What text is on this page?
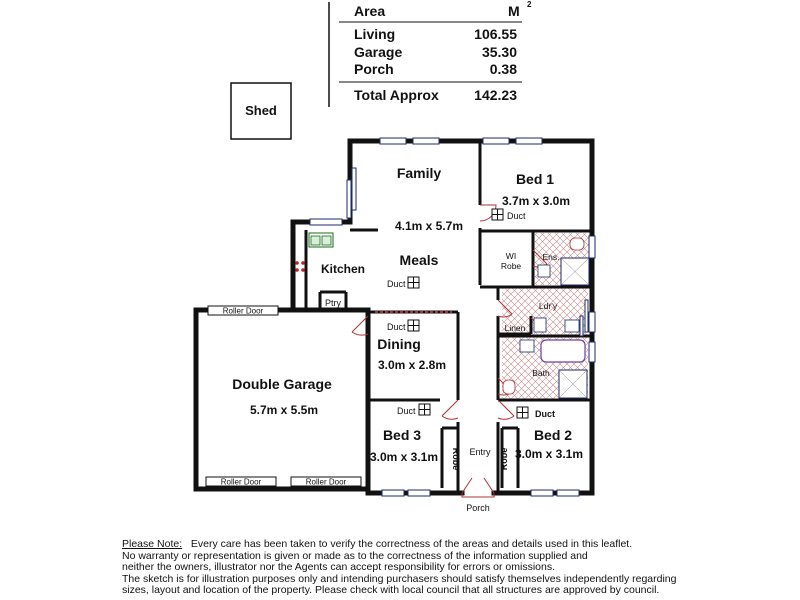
Area	M 2
Living	106.55
Garage	35.30
Porch	0.38
Total Approx	142.23
Shed
Roller Door
Roller Door	Roller Door
Family
4.1m x 5.7m
Bed 1
3.7m x 3.0m
Duct
Meals
Kitchen
Ptry
Duct
WI
Robe
Ens.
Ldr'y
Linen
Bath
Duct
Dining
3.0m x 2.8m
Double Garage
5.7m x 5.5m	Duct
Bed 3
3.0m x 3.1m
Duct
Bed 2
3.0m x 3.1m
Robe	Robe
Entry
Porch
Please Note: Every care has been taken to verify the correctness of the areas and details used in this leaflet.
No warranty or representation is given or made as to the correctness of the information supplied and
neither the owners, illustrator nor the Agents can accept responsibility for errors or omissions.
The sketch is for illustration purposes only and intending purchasers should satisfy themselves independently regarding
sizes, layout and location of the property. Please check with local council that all structures are approved by council.
